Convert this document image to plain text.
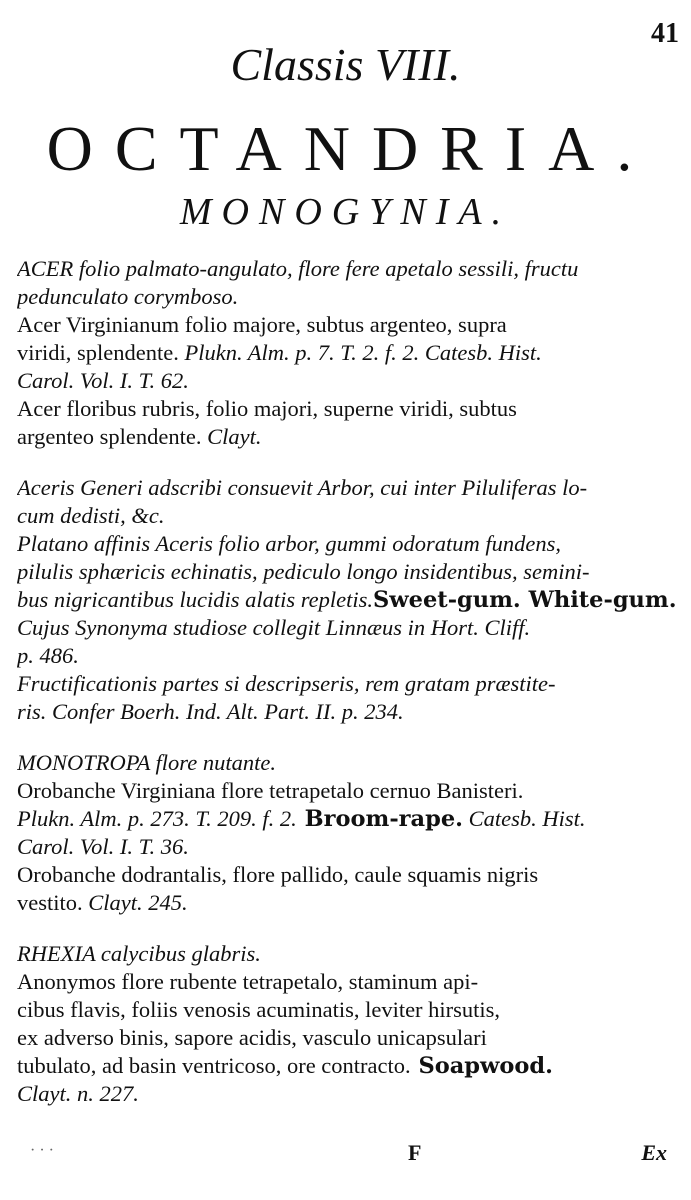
41
Classis VIII.
OCTANDRIA.
MONOGYNIA.
ACER folio palmato-angulato, flore fere apetalo sessili, fructu
pedunculato corymboso.
Acer Virginianum folio majore, subtus argenteo, supra
viridi, splendente. Plukn. Alm. p. 7. T. 2. f. 2. Catesb. Hist.
Carol. Vol. I. T. 62.
Acer floribus rubris, folio majori, superne viridi, subtus
argenteo splendente. Clayt.
Aceris Generi adscribi consuevit Arbor, cui inter Piluliferas lo-
cum dedisti, &c.
Platano affinis Aceris folio arbor, gummi odoratum fundens,
pilulis sphæricis echinatis, pediculo longo insidentibus, semini-
bus nigricantibus lucidis alatis repletis.Sweet-gum. White-gum.
Cujus Synonyma studiose collegit Linnæus in Hort. Cliff.
p. 486.
Fructificationis partes si descripseris, rem gratam præstite-
ris. Confer Boerh. Ind. Alt. Part. II. p. 234.
MONOTROPA flore nutante.
Orobanche Virginiana flore tetrapetalo cernuo Banisteri.
Plukn. Alm. p. 273. T. 209. f. 2. Broom-rape. Catesb. Hist.
Carol. Vol. I. T. 36.
Orobanche dodrantalis, flore pallido, caule squamis nigris
vestito. Clayt. 245.
RHEXIA calycibus glabris.
Anonymos flore rubente tetrapetalo, staminum api-
cibus flavis, foliis venosis acuminatis, leviter hirsutis,
ex adverso binis, sapore acidis, vasculo unicapsulari
tubulato, ad basin ventricoso, ore contracto. Soapwood.
Clayt. n. 227.
· · ·	F	Ex
